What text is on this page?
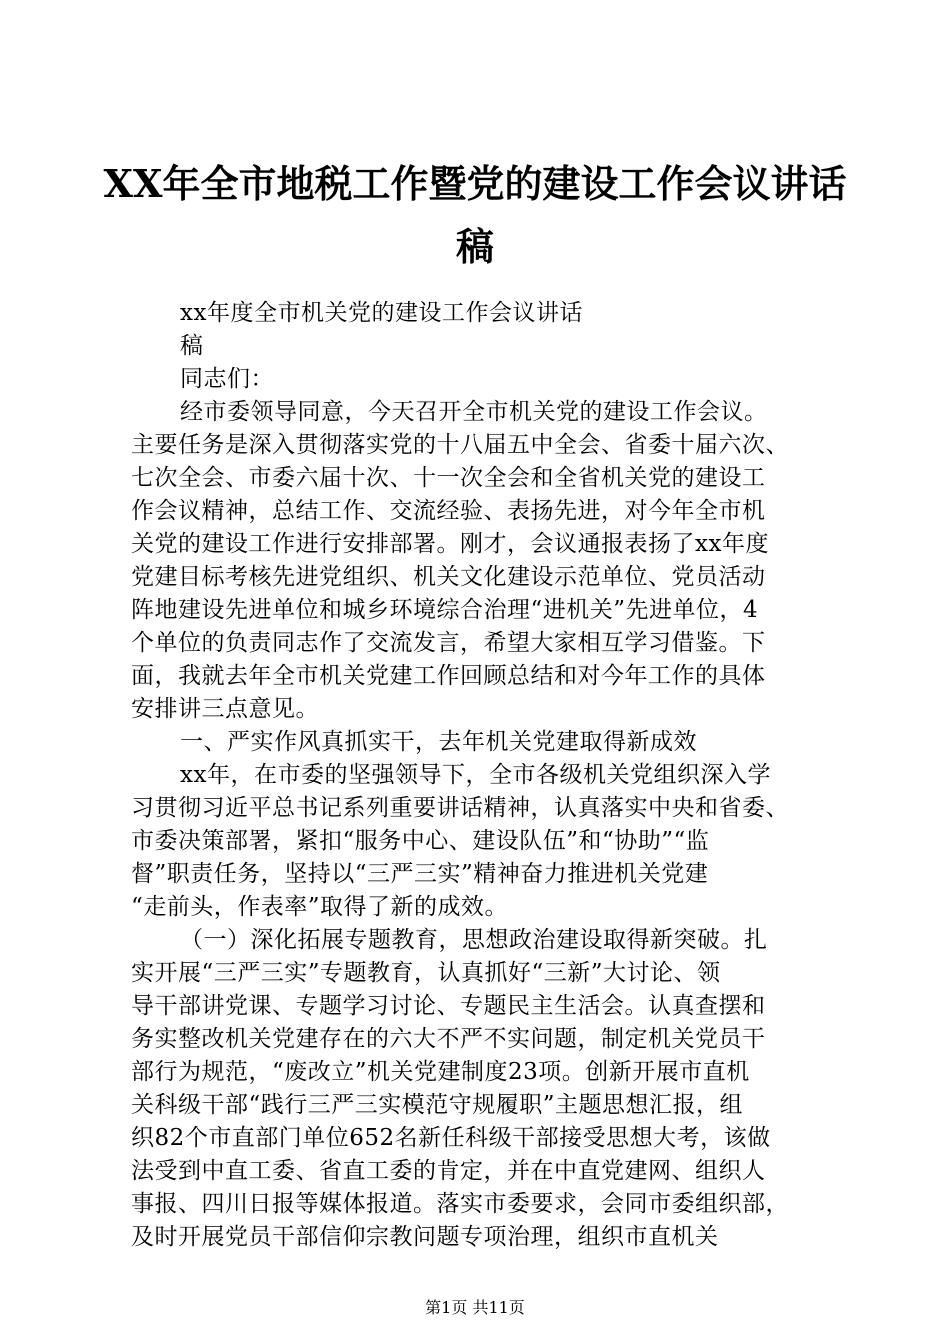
XX年全市地税工作暨党的建设工作会议讲话
稿
xx年度全市机关党的建设工作会议讲话
稿
同志们：
经市委领导同意，今天召开全市机关党的建设工作会议。
主要任务是深入贯彻落实党的十八届五中全会、省委十届六次、
七次全会、市委六届十次、十一次全会和全省机关党的建设工
作会议精神，总结工作、交流经验、表扬先进，对今年全市机
关党的建设工作进行安排部署。刚才，会议通报表扬了xx年度
党建目标考核先进党组织、机关文化建设示范单位、党员活动
阵地建设先进单位和城乡环境综合治理“进机关”先进单位，4
个单位的负责同志作了交流发言，希望大家相互学习借鉴。下
面，我就去年全市机关党建工作回顾总结和对今年工作的具体
安排讲三点意见。
一、严实作风真抓实干，去年机关党建取得新成效
xx年，在市委的坚强领导下，全市各级机关党组织深入学
习贯彻习近平总书记系列重要讲话精神，认真落实中央和省委、
市委决策部署，紧扣“服务中心、建设队伍”和“协助”“监
督”职责任务，坚持以“三严三实”精神奋力推进机关党建
“走前头，作表率”取得了新的成效。
（一）深化拓展专题教育，思想政治建设取得新突破。扎
实开展“三严三实”专题教育，认真抓好“三新”大讨论、领
导干部讲党课、专题学习讨论、专题民主生活会。认真查摆和
务实整改机关党建存在的六大不严不实问题，制定机关党员干
部行为规范，“废改立”机关党建制度23项。创新开展市直机
关科级干部“践行三严三实模范守规履职”主题思想汇报，组
织82个市直部门单位652名新任科级干部接受思想大考，该做
法受到中直工委、省直工委的肯定，并在中直党建网、组织人
事报、四川日报等媒体报道。落实市委要求，会同市委组织部，
及时开展党员干部信仰宗教问题专项治理，组织市直机关
第1页 共11页
